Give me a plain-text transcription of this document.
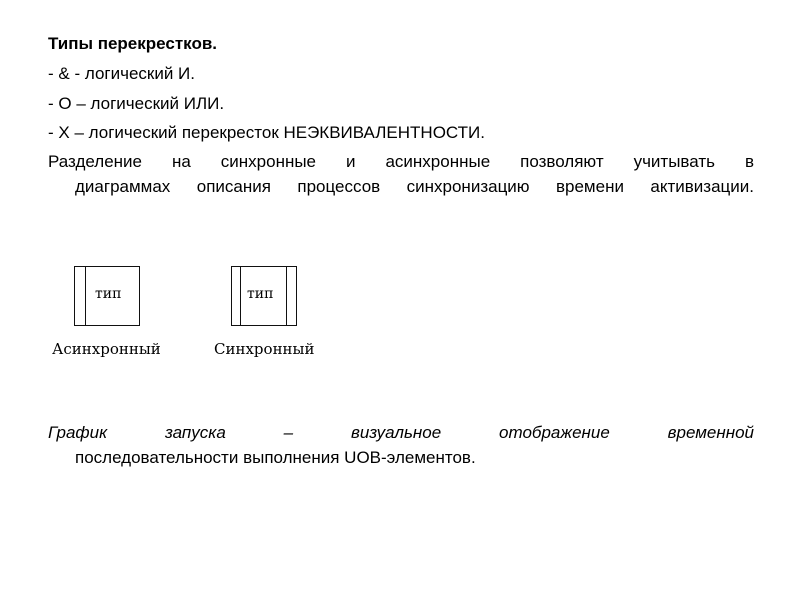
Типы перекрестков.
- & - логический И.
- О – логический ИЛИ.
- Х – логический перекресток НЕЭКВИВАЛЕНТНОСТИ.
Разделение на синхронные и асинхронные позволяют учитывать в
диаграммах описания процессов синхронизацию времени активизации.
тип
Асинхронный
тип
Синхронный
График запуска – визуальное отображение временной
последовательности выполнения UOB-элементов.
